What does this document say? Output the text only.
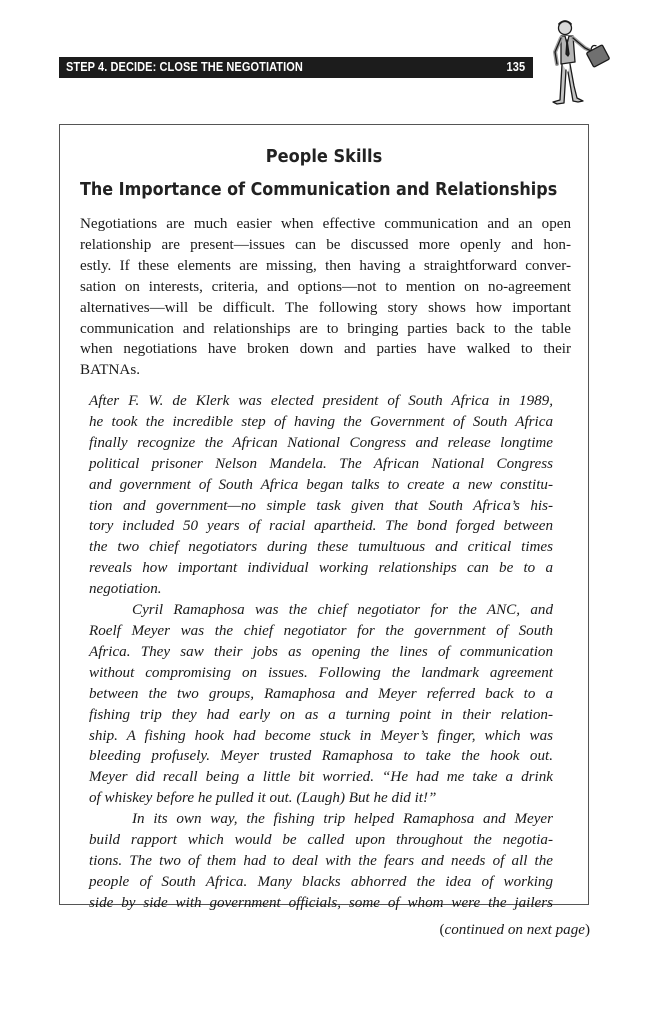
STEP 4. DECIDE: CLOSE THE NEGOTIATION	135
People Skills
The Importance of Communication and Relationships

Negotiations are much easier when effective communication and an open
relationship are present—issues can be discussed more openly and hon-
estly. If these elements are missing, then having a straightforward conver-
sation on interests, criteria, and options—not to mention on no-agreement
alternatives—will be difficult. The following story shows how important
communication and relationships are to bringing parties back to the table
when negotiations have broken down and parties have walked to their
BATNAs.

After F. W. de Klerk was elected president of South Africa in 1989,
he took the incredible step of having the Government of South Africa
finally recognize the African National Congress and release longtime
political prisoner Nelson Mandela. The African National Congress
and government of South Africa began talks to create a new constitu-
tion and government—no simple task given that South Africa’s his-
tory included 50 years of racial apartheid. The bond forged between
the two chief negotiators during these tumultuous and critical times
reveals how important individual working relationships can be to a
negotiation.
Cyril Ramaphosa was the chief negotiator for the ANC, and
Roelf Meyer was the chief negotiator for the government of South
Africa. They saw their jobs as opening the lines of communication
without compromising on issues. Following the landmark agreement
between the two groups, Ramaphosa and Meyer referred back to a
fishing trip they had early on as a turning point in their relation-
ship. A fishing hook had become stuck in Meyer’s finger, which was
bleeding profusely. Meyer trusted Ramaphosa to take the hook out.
Meyer did recall being a little bit worried. “He had me take a drink
of whiskey before he pulled it out. (Laugh) But he did it!”
In its own way, the fishing trip helped Ramaphosa and Meyer
build rapport which would be called upon throughout the negotia-
tions. The two of them had to deal with the fears and needs of all the
people of South Africa. Many blacks abhorred the idea of working
side by side with government officials, some of whom were the jailers

(continued on next page)
